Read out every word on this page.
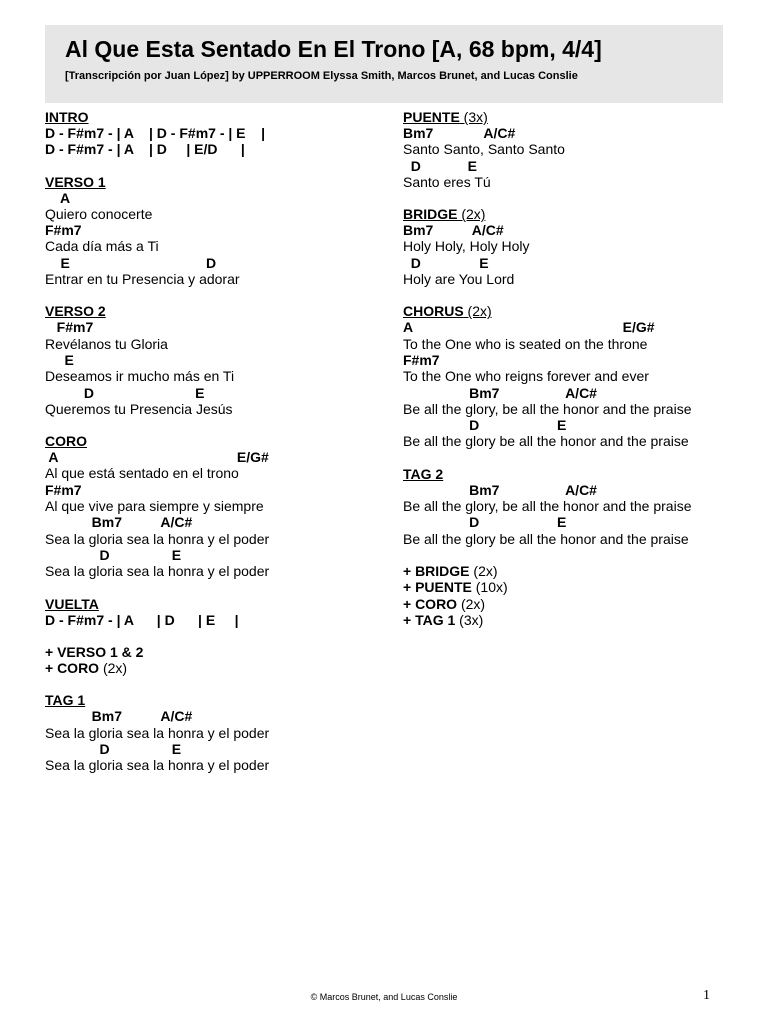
Al Que Esta Sentado En El Trono [A, 68 bpm, 4/4]
[Transcripción por Juan López] by UPPERROOM Elyssa Smith, Marcos Brunet, and Lucas Conslie
INTRO
D - F#m7 - | A    | D - F#m7 - | E    |
D - F#m7 - | A    | D     | E/D      |
VERSO 1
A
Quiero conocerte
F#m7
Cada día más a Ti
E                                   D
Entrar en tu Presencia y adorar
VERSO 2
F#m7
Revélanos tu Gloria
E
Deseamos ir mucho más en Ti
D                          E
Queremos tu Presencia Jesús
CORO
A                                              E/G#
Al que está sentado en el trono
F#m7
Al que vive para siempre y siempre
Bm7          A/C#
Sea la gloria sea la honra y el poder
D                E
Sea la gloria sea la honra y el poder
VUELTA
D - F#m7 - | A      | D      | E     |
+ VERSO 1 & 2
+ CORO (2x)
TAG 1
Bm7          A/C#
Sea la gloria sea la honra y el poder
D                E
Sea la gloria sea la honra y el poder
PUENTE (3x)
Bm7             A/C#
Santo Santo, Santo Santo
D            E
Santo eres Tú
BRIDGE (2x)
Bm7          A/C#
Holy Holy, Holy Holy
D               E
Holy are You Lord
CHORUS (2x)
A                                                      E/G#
To the One who is seated on the throne
F#m7
To the One who reigns forever and ever
Bm7                 A/C#
Be all the glory, be all the honor and the praise
D                    E
Be all the glory be all the honor and the praise
TAG 2
Bm7                 A/C#
Be all the glory, be all the honor and the praise
D                    E
Be all the glory be all the honor and the praise
+ BRIDGE (2x)
+ PUENTE (10x)
+ CORO (2x)
+ TAG 1 (3x)
© Marcos Brunet, and Lucas Conslie	1
